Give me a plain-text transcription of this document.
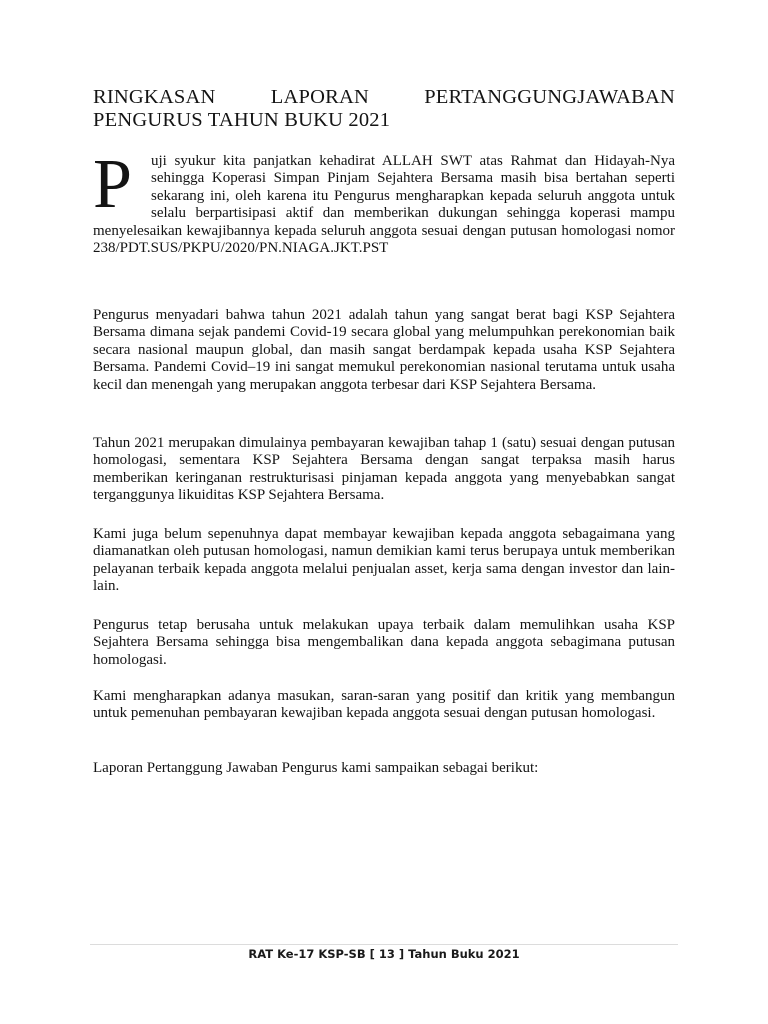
RINGKASAN LAPORAN PERTANGGUNGJAWABAN
PENGURUS TAHUN BUKU 2021
P	uji syukur kita panjatkan kehadirat ALLAH SWT atas Rahmat dan Hidayah-Nya sehingga Koperasi Simpan Pinjam Sejahtera Bersama masih bisa bertahan seperti sekarang ini, oleh karena itu Pengurus mengharapkan kepada seluruh anggota untuk selalu berpartisipasi aktif dan memberikan dukungan sehingga koperasi mampu menyelesaikan kewajibannya kepada seluruh anggota sesuai dengan putusan homologasi nomor 238/PDT.SUS/PKPU/2020/PN.NIAGA.JKT.PST

Pengurus menyadari bahwa tahun 2021 adalah tahun yang sangat berat bagi KSP Sejahtera Bersama dimana sejak pandemi Covid-19 secara global yang melumpuhkan perekonomian baik secara nasional maupun global, dan masih sangat berdampak kepada usaha KSP Sejahtera Bersama. Pandemi Covid–19 ini sangat memukul perekonomian nasional terutama untuk usaha kecil dan menengah yang merupakan anggota terbesar dari KSP Sejahtera Bersama.

Tahun 2021 merupakan dimulainya pembayaran kewajiban tahap 1 (satu) sesuai dengan putusan homologasi, sementara KSP Sejahtera Bersama dengan sangat terpaksa masih harus memberikan keringanan restrukturisasi pinjaman kepada anggota yang menyebabkan sangat terganggunya likuiditas KSP Sejahtera Bersama.

Kami juga belum sepenuhnya dapat membayar kewajiban kepada anggota sebagaimana yang diamanatkan oleh putusan homologasi, namun demikian kami terus berupaya untuk memberikan pelayanan terbaik kepada anggota melalui penjualan asset, kerja sama dengan investor dan lain-lain.

Pengurus tetap berusaha untuk melakukan upaya terbaik dalam memulihkan usaha KSP Sejahtera Bersama sehingga bisa mengembalikan dana kepada anggota sebagimana putusan homologasi.

Kami mengharapkan adanya masukan, saran-saran yang positif dan kritik yang membangun untuk pemenuhan pembayaran kewajiban kepada anggota sesuai dengan putusan homologasi.

Laporan Pertanggung Jawaban Pengurus kami sampaikan sebagai berikut:

RAT Ke-17 KSP-SB [ 13 ] Tahun Buku 2021
